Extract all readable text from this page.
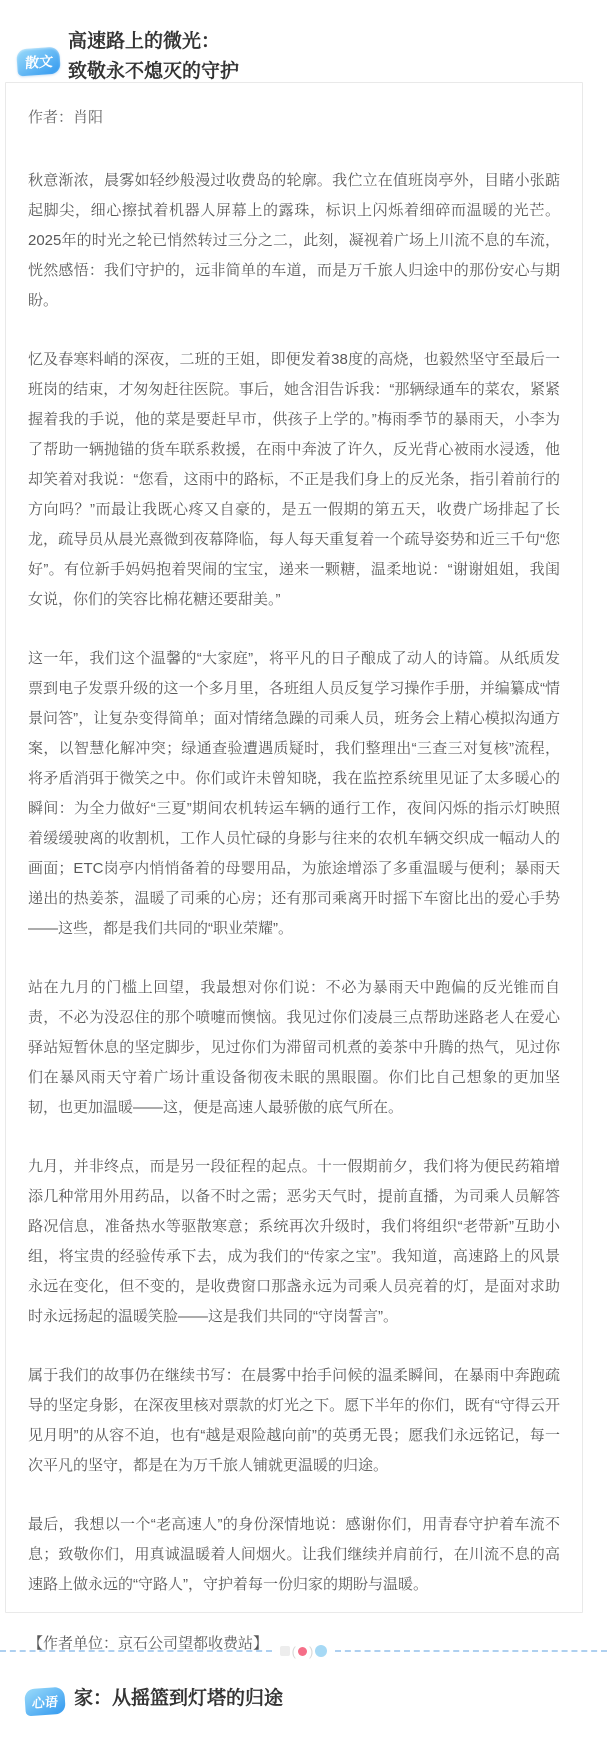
散文
高速路上的微光：
致敬永不熄灭的守护

作者：肖阳

秋意渐浓，晨雾如轻纱般漫过收费岛的轮廓。我伫立在值班岗亭外，目睹小张踮起脚尖，细心擦拭着机器人屏幕上的露珠，标识上闪烁着细碎而温暖的光芒。2025年的时光之轮已悄然转过三分之二，此刻，凝视着广场上川流不息的车流，恍然感悟：我们守护的，远非简单的车道，而是万千旅人归途中的那份安心与期盼。

忆及春寒料峭的深夜，二班的王姐，即便发着38度的高烧，也毅然坚守至最后一班岗的结束，才匆匆赶往医院。事后，她含泪告诉我：“那辆绿通车的菜农，紧紧握着我的手说，他的菜是要赶早市，供孩子上学的。”梅雨季节的暴雨天，小李为了帮助一辆抛锚的货车联系救援，在雨中奔波了许久，反光背心被雨水浸透，他却笑着对我说：“您看，这雨中的路标，不正是我们身上的反光条，指引着前行的方向吗？”而最让我既心疼又自豪的，是五一假期的第五天，收费广场排起了长龙，疏导员从晨光熹微到夜幕降临，每人每天重复着一个疏导姿势和近三千句“您好”。有位新手妈妈抱着哭闹的宝宝，递来一颗糖，温柔地说：“谢谢姐姐，我闺女说，你们的笑容比棉花糖还要甜美。”

这一年，我们这个温馨的“大家庭”，将平凡的日子酿成了动人的诗篇。从纸质发票到电子发票升级的这一个多月里，各班组人员反复学习操作手册，并编纂成“情景问答”，让复杂变得简单；面对情绪急躁的司乘人员，班务会上精心模拟沟通方案，以智慧化解冲突；绿通查验遭遇质疑时，我们整理出“三查三对复核”流程，将矛盾消弭于微笑之中。你们或许未曾知晓，我在监控系统里见证了太多暖心的瞬间：为全力做好“三夏”期间农机转运车辆的通行工作，夜间闪烁的指示灯映照着缓缓驶离的收割机，工作人员忙碌的身影与往来的农机车辆交织成一幅动人的画面；ETC岗亭内悄悄备着的母婴用品，为旅途增添了多重温暖与便利；暴雨天递出的热姜茶，温暖了司乘的心房；还有那司乘离开时摇下车窗比出的爱心手势——这些，都是我们共同的“职业荣耀”。

站在九月的门槛上回望，我最想对你们说：不必为暴雨天中跑偏的反光锥而自责，不必为没忍住的那个喷嚏而懊恼。我见过你们凌晨三点帮助迷路老人在爱心驿站短暂休息的坚定脚步，见过你们为滞留司机煮的姜茶中升腾的热气，见过你们在暴风雨天守着广场计重设备彻夜未眠的黑眼圈。你们比自己想象的更加坚韧，也更加温暖——这，便是高速人最骄傲的底气所在。

九月，并非终点，而是另一段征程的起点。十一假期前夕，我们将为便民药箱增添几种常用外用药品，以备不时之需；恶劣天气时，提前直播，为司乘人员解答路况信息，准备热水等驱散寒意；系统再次升级时，我们将组织“老带新”互助小组，将宝贵的经验传承下去，成为我们的“传家之宝”。我知道，高速路上的风景永远在变化，但不变的，是收费窗口那盏永远为司乘人员亮着的灯，是面对求助时永远扬起的温暖笑脸——这是我们共同的“守岗誓言”。

属于我们的故事仍在继续书写：在晨雾中抬手问候的温柔瞬间，在暴雨中奔跑疏导的坚定身影，在深夜里核对票款的灯光之下。愿下半年的你们，既有“守得云开见月明”的从容不迫，也有“越是艰险越向前”的英勇无畏；愿我们永远铭记，每一次平凡的坚守，都是在为万千旅人铺就更温暖的归途。

最后，我想以一个“老高速人”的身份深情地说：感谢你们，用青春守护着车流不息；致敬你们，用真诚温暖着人间烟火。让我们继续并肩前行，在川流不息的高速路上做永远的“守路人”，守护着每一份归家的期盼与温暖。

【作者单位：京石公司望都收费站】	( )
心语 家：从摇篮到灯塔的归途
